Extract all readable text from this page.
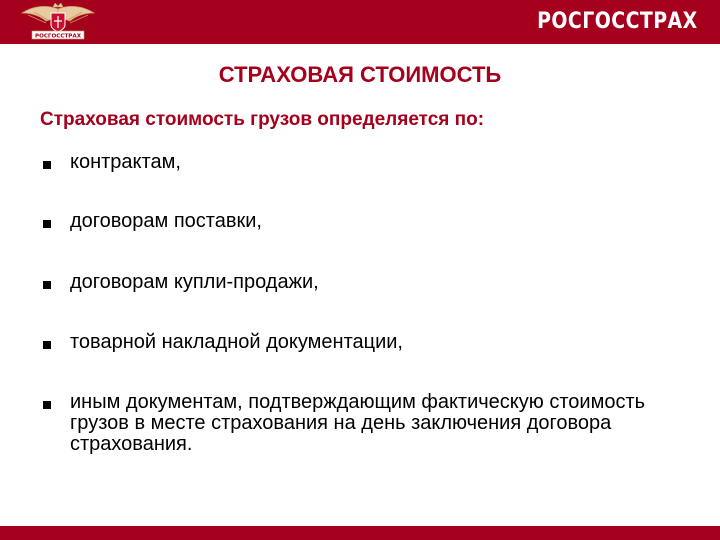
РОСГОССТРАХ
РОСГОССТРАХ
СТРАХОВАЯ СТОИМОСТЬ

Страховая стоимость грузов определяется по:

контрактам,
договорам поставки,
договорам купли-продажи,
товарной накладной документации,
иным документам, подтверждающим фактическую стоимость грузов в месте страхования на день заключения договора страхования.
